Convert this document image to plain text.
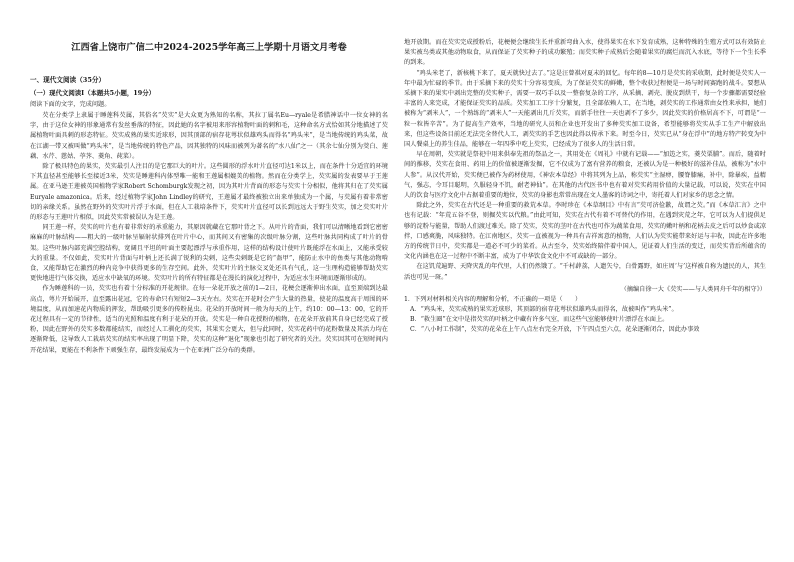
江西省上饶市广信二中2024-2025学年高三上学期十月语文月考卷
一、现代文阅读（35分）
（一）现代文阅读Ⅰ（本题共5小题，19分）
阅读下面的文字，完成问题。

芡在分类学上隶属于睡莲科芡属，其俗名“芡实”是大众更为熟知的名称，其拉丁属名Eu—ryale是希腊神话中一位女神的名字，由于这位女神的形象通常有发丝垂落的特征，因此她的名字被用来形容植物叶面的刺和毛，这种命名方式恰如其分地描述了芡属植物叶面具刺的形态特征。芡实成熟的果实近球形，因其顶部的宿存花萼状似雄鸡头而得名“鸡头米”，是当地传统的鸡头菜，故在江湖一带又被叫做“鸡头米”，是当地传统的特色产品，因其独特的风味而被列为著名的“水八仙”之一（其余七仙分别为茭白、莲藕、水芹、慈姑、荸荠、菱角、莼菜）。

除了极具特色的果实，芡实最引人注目的是它那巨大的叶片。这些圆形的浮水叶片直径可达1米以上，而在条件十分适宜的环境下其直径甚至能够长至接近3米，芡实是睡莲科内体型唯一能和王莲属相媲美的植物。然而在分类学上，芡实属的发表要早于王莲属。在亚马逊王莲被英国植物学家Robert Schomburgk发现之初，因为其叶片背面的形态与芡实十分相似，他将其归在了芡实属Euryale amazonica。后来，经过植物学家John Lindley的研究，王莲属才最终被独立出来单独成为一个属，与芡属有着非常密切的亲缘关系。虽然在野外的芡实叶片浮于水面，但在人工栽培条件下，芡实叶片直径可以长到远远大于野生芡实，加之芡实叶片的形态与王莲叶片相似，因此芡实常被误认为是王莲。

同王莲一样，芡实的叶片也有着非常好的承重能力，其原因就藏在它那叶背之下。从叶片的背面，我们可以清晰地看到它密密麻麻的叶脉结构——粗大的一级叶脉呈辐射状排列在叶片中心，而其间又有密集的次级叶脉分割，这些叶脉共同构成了叶片的骨架。这些叶脉内部充满空腔结构，宽阔且平坦的叶面主要起漂浮与承重作用，这样的结构设计使叶片既能浮在水面上，又能承受较大的重量。不仅如此，芡实叶片背面与叶柄上还长满了锐利的尖刺，这些尖刺既是它的“盔甲”，能防止水中的鱼类与其他动物啃食，又能帮助它在激烈的种内竞争中获得更多的生存空间。此外，芡实叶片的主脉交叉处还具有气孔，这一生理构造能够帮助芡实更快地进行气体交换，适应水中缺氧的环境。芡实叶片的所有特征都是在漫长的演化过程中，为适应水生环境而逐渐形成的。

作为睡莲科的一员，芡实也有着十分标准的开花规律。在每一朵花开放之前的1—2日，花梗会逐渐伸出水面，直至顶端到达最高点，萼片开始展开，直至露出花冠，它的寿命只有短短2—3天左右。芡实在开花时会产生大量的热量，使花的温度高于周围的环境温度，从而加速花内物质的挥发，帮助吸引更多的传粉昆虫。花朵的开放时间一般为每天的上午，约10：00—13：00，它的开花过程具有一定的节律性，适当的光照和温度有利于花朵的开放。芡实是一种自花授粉的植物，在花朵开放前其自身已经完成了授粉，因此在野外的芡实多数都能结实，而经过人工驯化的芡实，其果实会更大，但与此同时，芡实花药中的花粉数量及其活力均在逐渐降低，这导致人工栽培芡实的结实率出现了明显下降，芡实的这种“退化”现象也引起了研究者的关注。芡实因其可在短时间内开花结果，更能在不利条件下顽强生存，最终发展成为一个在亚洲广泛分布的类群。

地开放期。而在芡实完成授粉后，花梗便会继续生长并重新弯曲入水，使得果实在水下发育成熟，这种特殊的生殖方式可以有效防止果实被鸟类或其他动物取食，从而保证了芡实种子的成功繁殖；而芡实种子成熟后会随着果实的腐烂而沉入水底，等待下一个生长季的到来。

“鸡头米老了，新核桃下来了，夏天就快过去了。”这是汪曾祺对夏末的回忆。每年的8—10月是芡实的采收期，此时便是芡实人一年中最为忙碌的季节。由于采摘下来的芡实十分容易变质，为了保证芡实的鲜嫩，整个收获过程便是一场与时间赛跑的战斗。要想从采摘下来的果实中剥出完整的芡实种子，需要一双巧手以及一整套复杂的工序，从采摘、剥壳、脱皮到烘干，每一个步骤都需要经验丰富的人来完成，才能保证芡实的品质。芡实加工工序十分繁复，且全部依赖人工，在当地，剥芡实的工作通常由女性来承担，她们被称为“剥米人”，一个熟练的“剥米人”一天能剥出几斤芡实，而新手往往一天也剥不了多少，因此芡实的价格居高不下，可谓是“一粒一粒皆辛苦”。为了提高生产效率，当地的研究人员和企业也开发出了多种芡实加工设备，希望能够将芡实从手工生产中解放出来，但这些设备目前还无法完全替代人工，剥芡实的手艺也因此得以传承下来。时至今日，芡实已从“身在浮中”的地方特产转变为中国人餐桌上的养生佳品，能够在一年四季中吃上芡实，已经成为了很多人的生活日常。

早在周朝，芡实就是祭祀中用来供奉先祖的祭品之一，其用处在《周礼》中就有记载——“加笾之实，菱芡栗脯”。而后，随着时间的推移，芡实在食用、药用上的价值被逐渐发掘，它不仅成为了富有营养的粮食，还被认为是一种极好的滋补佳品，被称为“水中人参”。从汉代开始，芡实便已被作为药材使用，《神农本草经》中将其列为上品，称芡实“主湿痹，腰脊膝痛，补中，除暴疾，益精气，强志，令耳目聪明，久服轻身不饥，耐老神仙”。在其他的古代医书中也有着对芡实药用价值的大量记载，可以说，芡实在中国人的饮食与医疗文化中占据着重要的地位，芡实的身影也常常出现在文人墨客的诗词之中，寄托着人们对家乡的思念之情。

除此之外，芡实在古代还是一种重要的救荒本草。李时珍在《本草纲目》中有言“芡可济俭歉，故谓之芡。”而《本草汇言》之中也有记载：“年荒五谷不登，则掘芡实以代粮。”由此可知，芡实在古代有着不可替代的作用，在遇到灾荒之年，它可以为人们提供足够的淀粉与能量，帮助人们渡过难关。除了芡实，芡实的茎叶在古代也可作为蔬菜食用，芡实的嫩叶柄和花柄去皮之后可以炒食或凉拌，口感爽脆，风味独特。在江南地区，芡实一直被视为一种具有吉祥寓意的植物，人们认为芡实能带来好运与丰收，因此在许多地方的传统节日中，芡实都是一道必不可少的菜肴。从古至今，芡实始终陪伴着中国人，见证着人们生活的变迁，而芡实背后所蕴含的文化内涵也在这一过程中不断丰富，成为了中华饮食文化中不可或缺的一部分。

在这饥荒遍野、天降灾乱的年代里，人们仍然饿了。“千村薜荔，人遗矢兮，白骨露野，如庄周‘与’这样被自称为遗民的人，其生活也可见一斑。”

（摘编自徐一大《芡实——与人类同舟千年的相守》）

1．下列对材料相关内容的理解和分析，不正确的一项是（　　）

A．“鸡头米，芡实成熟的果实近球形，其顶部的宿存花萼状似雄鸡头而得名，故被叫作“鸡头米”。

B．“救生圈”在文中是指芡实的叶柄之中藏有许多气室，而这些气室能够使叶片漂浮在水面上。

C．“八小时工作制”，芡实的花朵在上午八点左右完全开放，下午四点至六点，花朵逐渐闭合，因此办事效
